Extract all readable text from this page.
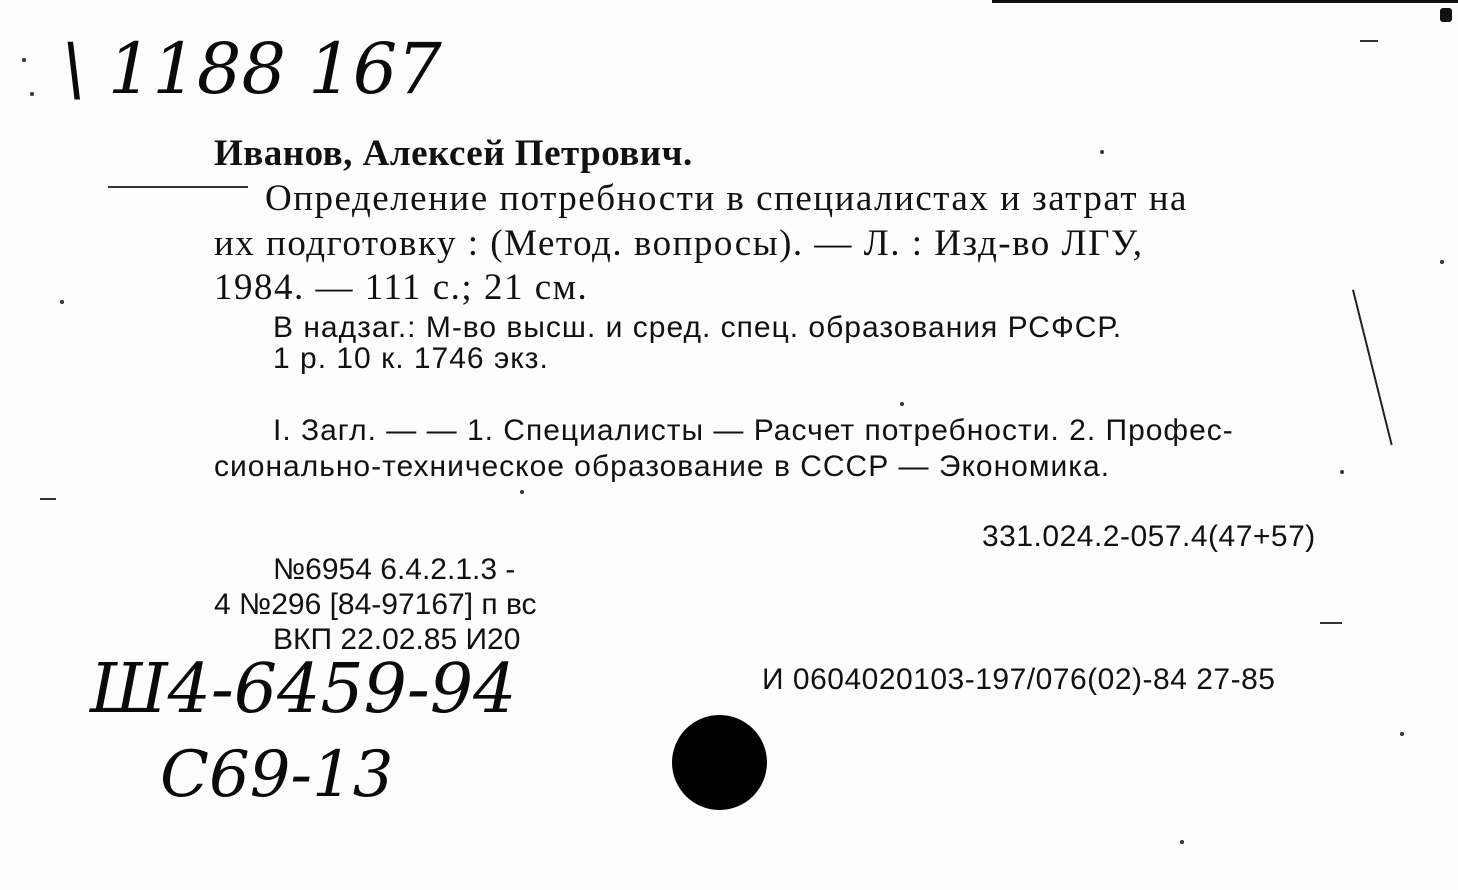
\ 1188 167
Иванов, Алексей Петрович.
Определение потребности в специалистах и затрат на
их подготовку : (Метод. вопросы). — Л. : Изд-во ЛГУ,
1984. — 111 с.; 21 см.
В надзаг.: М-во высш. и сред. спец. образования РСФСР.
1 р. 10 к. 1746 экз.
I. Загл. — — 1. Специалисты — Расчет потребности. 2. Профес-
сионально-техническое образование в СССР — Экономика.
331.024.2-057.4(47+57)
№6954 6.4.2.1.3 -
4 №296 [84-97167] п вс
ВКП 22.02.85 И20
И 0604020103-197/076(02)-84 27-85
Ш4-6459-94
С69-13
